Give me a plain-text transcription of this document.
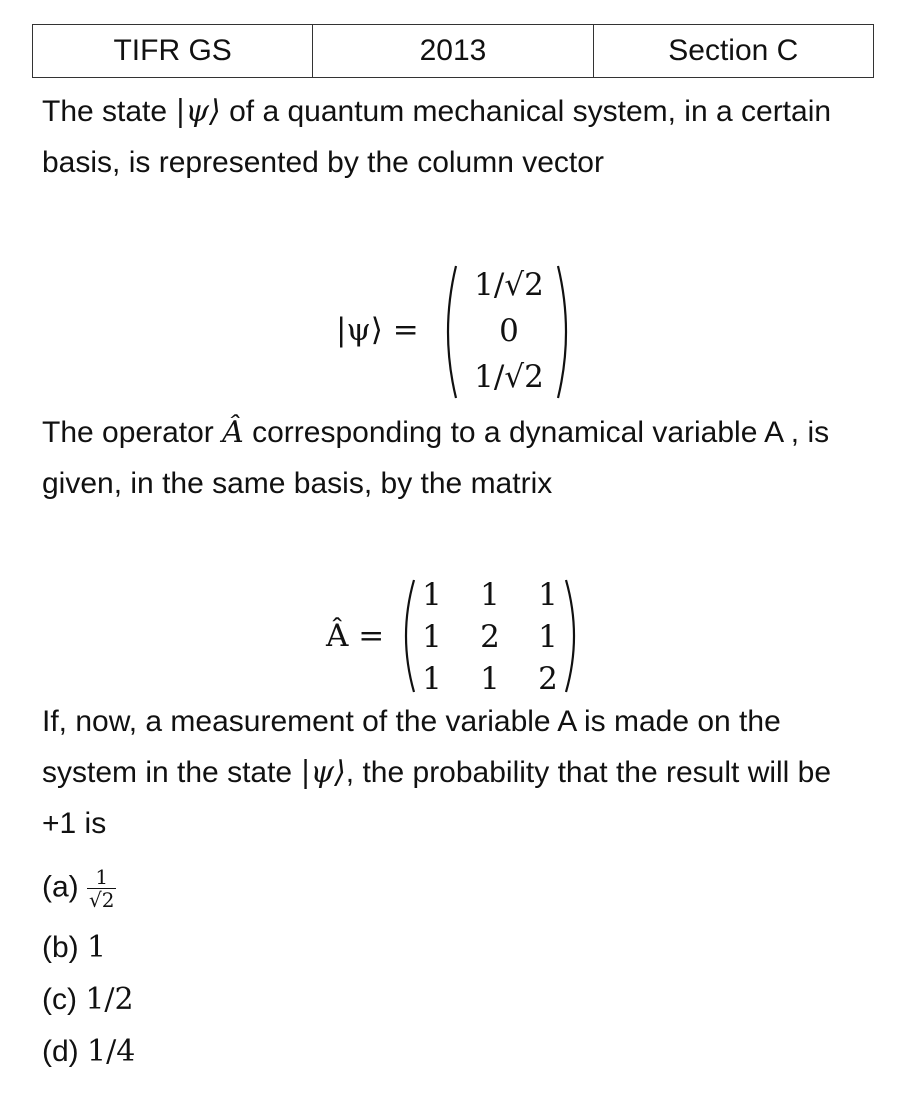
TIFR GS	2013	Section C

The state |ψ⟩ of a quantum mechanical system, in a certain basis, is represented by the column vector

|ψ⟩ =
1/√2
0
1/√2

The operator Â corresponding to a dynamical variable A , is given, in the same basis, by the matrix

Â =
1	1	1
1	2	1
1	1	2

If, now, a measurement of the variable A is made on the system in the state |ψ⟩, the probability that the result will be +1 is

$(a) \frac{1}{√2}$
(b) 1
(c) 1/2
(d) 1/4
